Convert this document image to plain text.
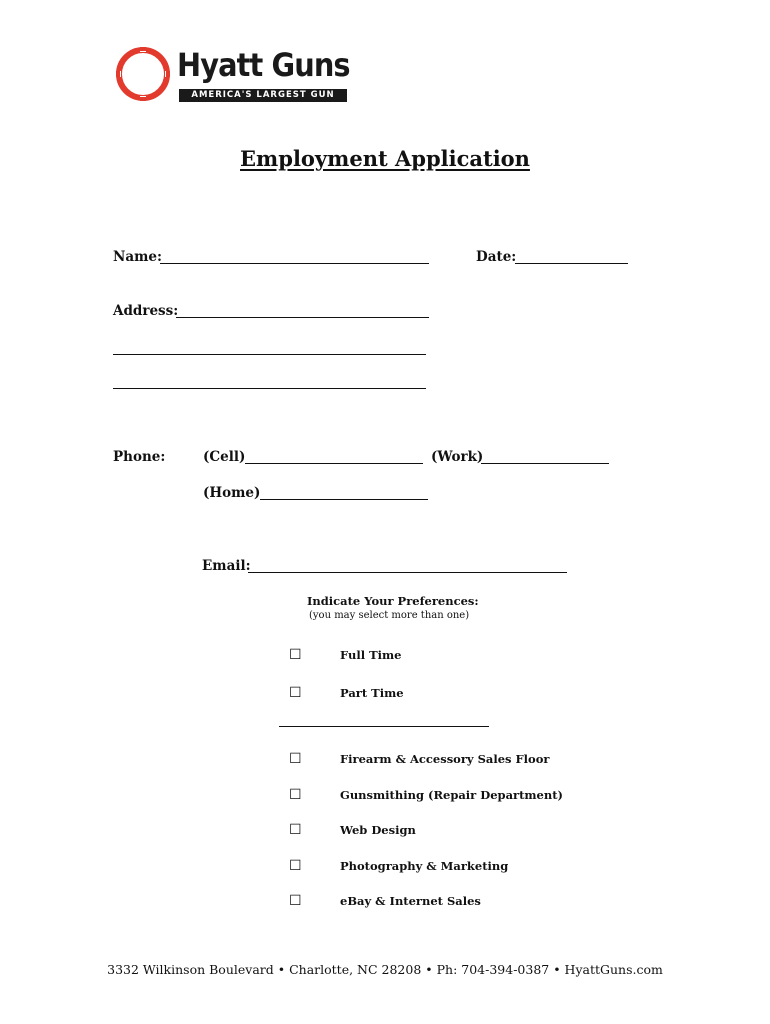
Hyatt Guns
AMERICA'S LARGEST GUN SHOP
Employment Application
Name:	Date:
Address:
Phone:	(Cell)	(Work)
(Home)
Email:
Indicate Your Preferences:
(you may select more than one)
☐	Full Time
☐	Part Time
☐	Firearm & Accessory Sales Floor
☐	Gunsmithing (Repair Department)
☐	Web Design
☐	Photography & Marketing
☐	eBay & Internet Sales
3332 Wilkinson Boulevard • Charlotte, NC 28208 • Ph: 704-394-0387 • HyattGuns.com
